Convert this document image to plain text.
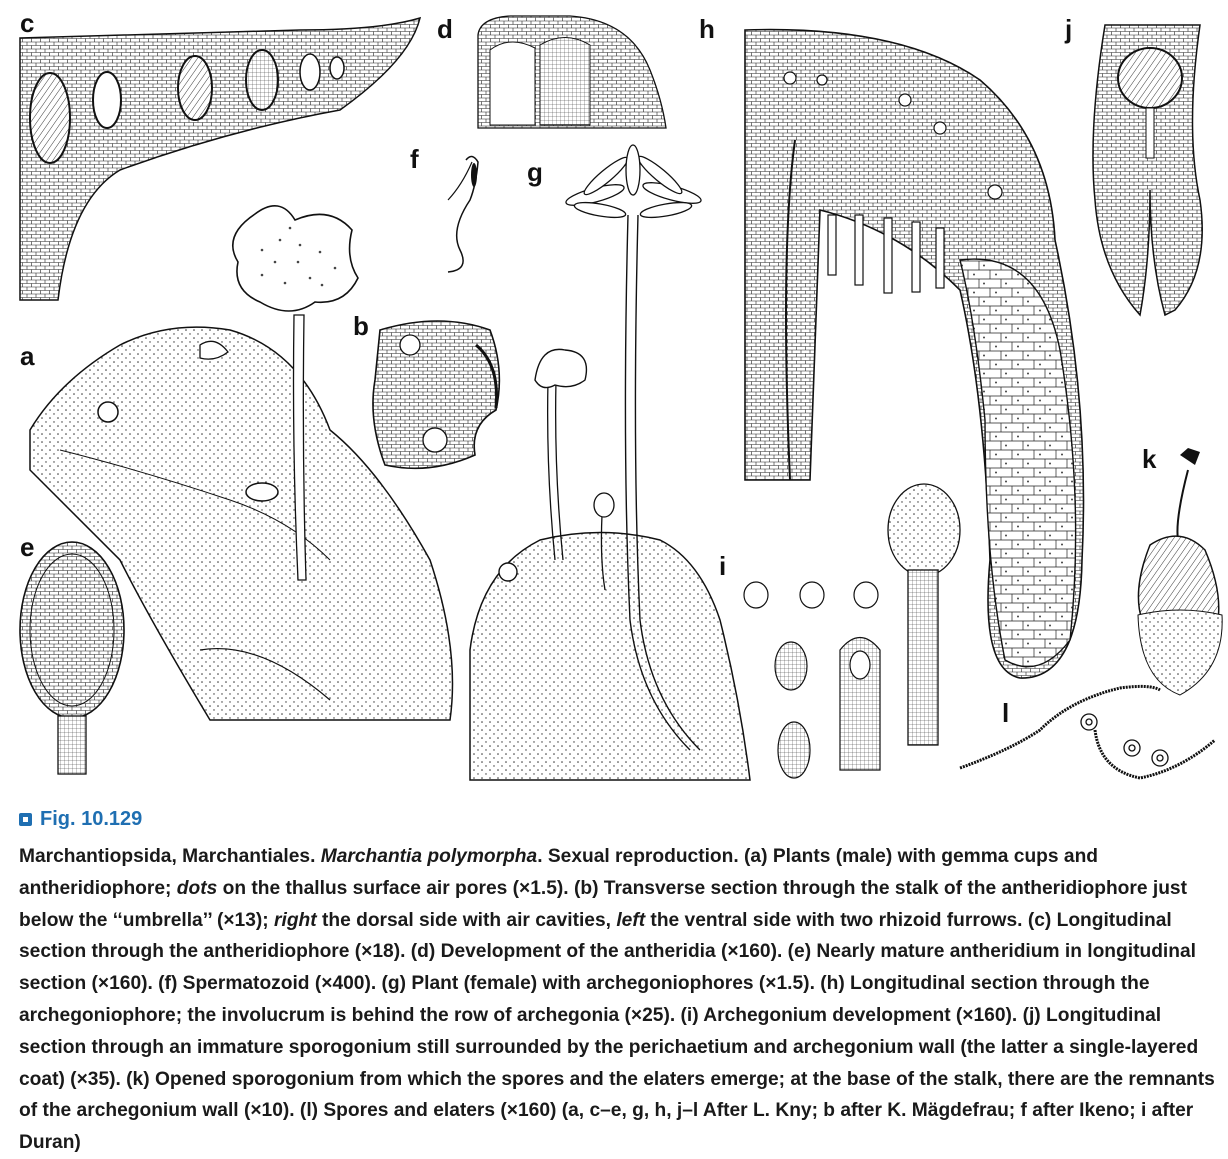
c	d	h	j
f	g
b
a
k
e
i
l
Fig. 10.129
Marchantiopsida, Marchantiales. Marchantia polymorpha. Sexual reproduction. (a) Plants (male) with gemma cups and antheridiophore; dots on the thallus surface air pores (×1.5). (b) Transverse section through the stalk of the antheridiophore just below the ‘‘umbrella’’ (×13); right the dorsal side with air cavities, left the ventral side with two rhizoid furrows. (c) Longitudinal section through the antheridiophore (×18). (d) Development of the antheridia (×160). (e) Nearly mature antheridium in longitudinal section (×160). (f) Spermatozoid (×400). (g) Plant (female) with archegoniophores (×1.5). (h) Longitudinal section through the archegoniophore; the involucrum is behind the row of archegonia (×25). (i) Archegonium development (×160). (j) Longitudinal section through an immature sporogonium still surrounded by the perichaetium and archegonium wall (the latter a single-layered coat) (×35). (k) Opened sporogonium from which the spores and the elaters emerge; at the base of the stalk, there are the remnants of the archegonium wall (×10). (l) Spores and elaters (×160) (a, c–e, g, h, j–l After L. Kny; b after K. Mägdefrau; f after Ikeno; i after Duran)
